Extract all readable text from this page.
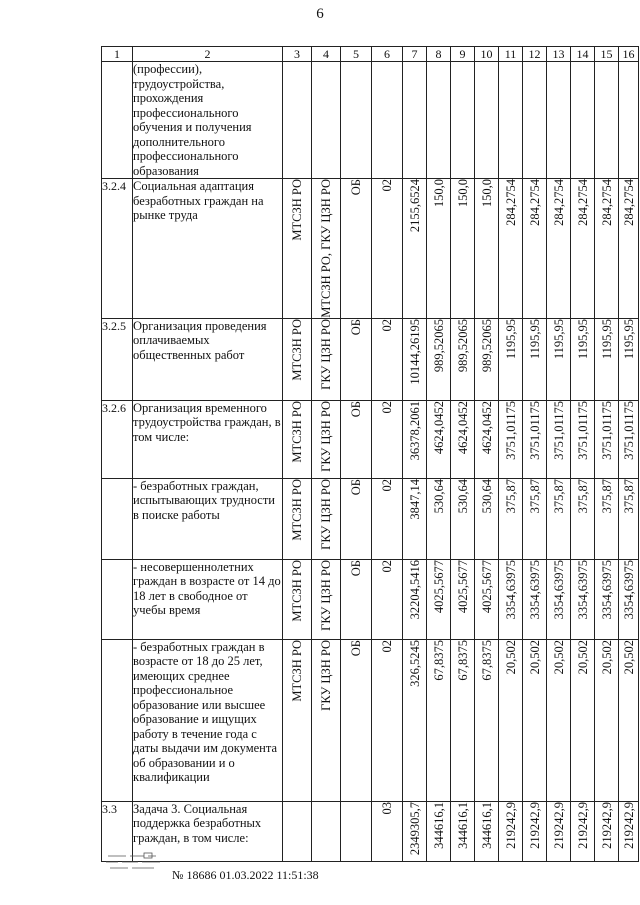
6
1	2	3	4	5	6	7	8	9	10	11	12	13	14	15	16
	(профессии), трудоустройства, прохождения профессионального обучения и получения дополнительного профессионального образования														
3.2.4	Социальная адаптация безработных граждан на рынке труда	МТСЗН РО	МТСЗН РО, ГКУ ЦЗН РО	ОБ	02	2155,6524	150,0	150,0	150,0	284,2754	284,2754	284,2754	284,2754	284,2754	284,2754

3.2.5	Организация проведения оплачиваемых общественных работ	МТСЗН РО	ГКУ ЦЗН РО	ОБ	02	10144,26195	989,52065	989,52065	989,52065	1195,95	1195,95	1195,95	1195,95	1195,95	1195,95

3.2.6	Организация временного трудоустройства граждан, в том числе:	МТСЗН РО	ГКУ ЦЗН РО	ОБ	02	36378,2061	4624,0452	4624,0452	4624,0452	3751,01175	3751,01175	3751,01175	3751,01175	3751,01175	3751,01175

	- безработных граждан, испытывающих трудности в поиске работы	МТСЗН РО	ГКУ ЦЗН РО	ОБ	02	3847,14	530,64	530,64	530,64	375,87	375,87	375,87	375,87	375,87	375,87

	- несовершеннолетних граждан в возрасте от 14 до 18 лет в свободное от учебы время	МТСЗН РО	ГКУ ЦЗН РО	ОБ	02	32204,5416	4025,5677	4025,5677	4025,5677	3354,63975	3354,63975	3354,63975	3354,63975	3354,63975	3354,63975

	- безработных граждан в возрасте от 18 до 25 лет, имеющих среднее профессиональное образование или высшее образование и ищущих работу в течение года с даты выдачи им документа об образовании и о квалификации	МТСЗН РО	ГКУ ЦЗН РО	ОБ	02	326,5245	67,8375	67,8375	67,8375	20,502	20,502	20,502	20,502	20,502	20,502

3.3	Задача 3. Социальная поддержка безработных граждан, в том числе:				03	2349305,7	344616,1	344616,1	344616,1	219242,9	219242,9	219242,9	219242,9	219242,9	219242,9
№ 18686 01.03.2022 11:51:38
